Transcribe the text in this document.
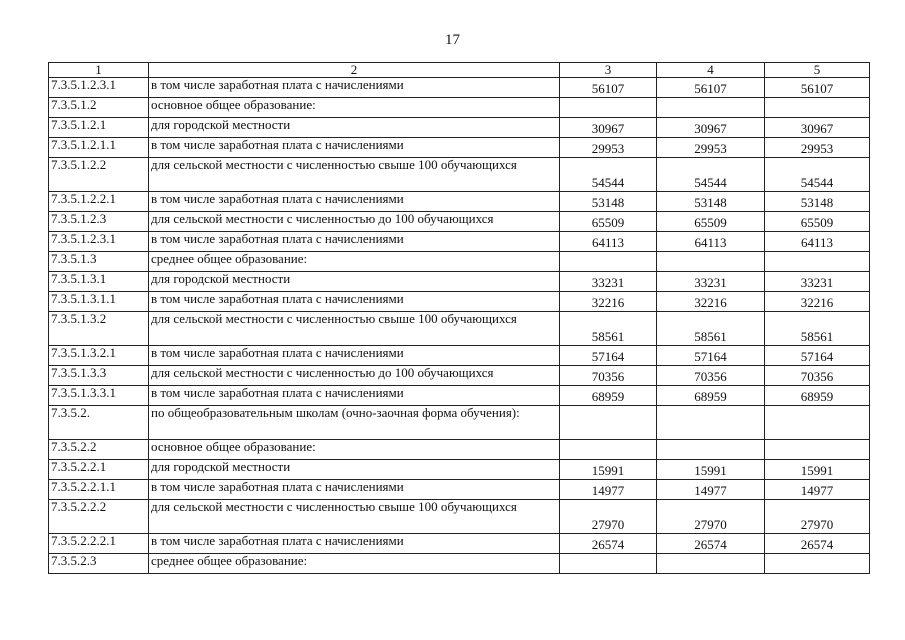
17
1	2	3	4	5
7.3.5.1.2.3.1	в том числе заработная плата с начислениями	56107	56107	56107
7.3.5.1.2	основное общее образование:			
7.3.5.1.2.1	для городской местности	30967	30967	30967
7.3.5.1.2.1.1	в том числе заработная плата с начислениями	29953	29953	29953
7.3.5.1.2.2	для сельской местности с численностью свыше 100 обучающихся	54544	54544	54544
7.3.5.1.2.2.1	в том числе заработная плата с начислениями	53148	53148	53148
7.3.5.1.2.3	для сельской местности с численностью до 100 обучающихся	65509	65509	65509
7.3.5.1.2.3.1	в том числе заработная плата с начислениями	64113	64113	64113
7.3.5.1.3	среднее общее образование:			
7.3.5.1.3.1	для городской местности	33231	33231	33231
7.3.5.1.3.1.1	в том числе заработная плата с начислениями	32216	32216	32216
7.3.5.1.3.2	для сельской местности с численностью свыше 100 обучающихся	58561	58561	58561
7.3.5.1.3.2.1	в том числе заработная плата с начислениями	57164	57164	57164
7.3.5.1.3.3	для сельской местности с численностью до 100 обучающихся	70356	70356	70356
7.3.5.1.3.3.1	в том числе заработная плата с начислениями	68959	68959	68959
7.3.5.2.	по общеобразовательным школам (очно-заочная форма обучения):			
7.3.5.2.2	основное общее образование:			
7.3.5.2.2.1	для городской местности	15991	15991	15991
7.3.5.2.2.1.1	в том числе заработная плата с начислениями	14977	14977	14977
7.3.5.2.2.2	для сельской местности с численностью свыше 100 обучающихся	27970	27970	27970
7.3.5.2.2.2.1	в том числе заработная плата с начислениями	26574	26574	26574
7.3.5.2.3	среднее общее образование:			
